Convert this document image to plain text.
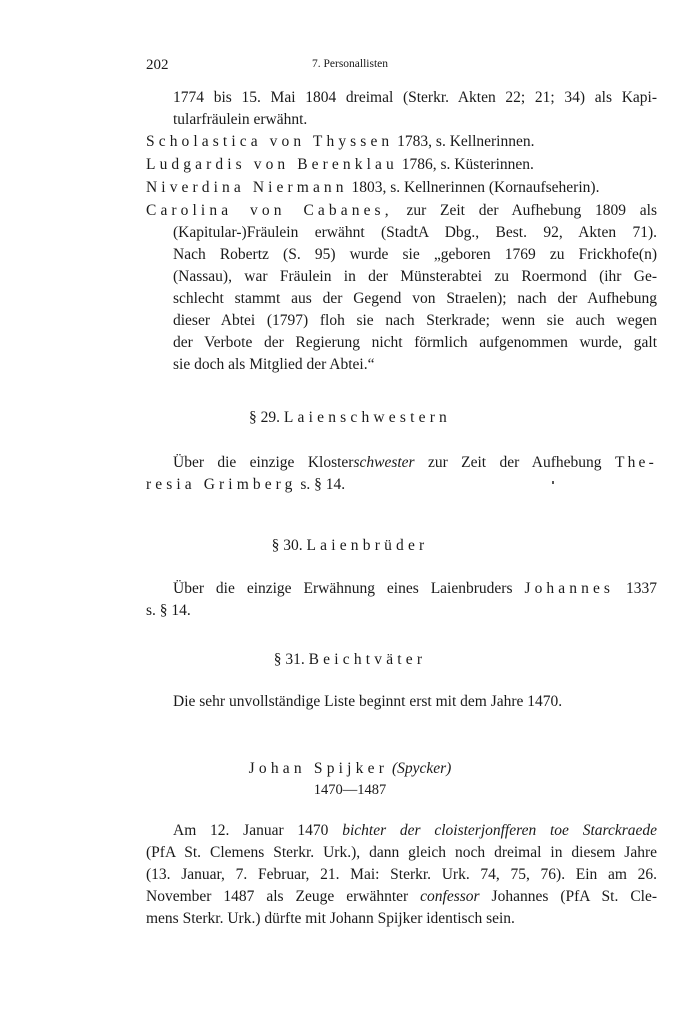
202	7. Personallisten
1774 bis 15. Mai 1804 dreimal (Sterkr. Akten 22; 21; 34) als Kapi-
tularfräulein erwähnt.
Scholastica von Thyssen 1783, s. Kellnerinnen.
Ludgardis von Berenklau 1786, s. Küsterinnen.
Niverdina Niermann 1803, s. Kellnerinnen (Kornaufseherin).
Carolina von Cabanes, zur Zeit der Aufhebung 1809 als
(Kapitular-)Fräulein erwähnt (StadtA Dbg., Best. 92, Akten 71).
Nach Robertz (S. 95) wurde sie „geboren 1769 zu Frickhofe(n)
(Nassau), war Fräulein in der Münsterabtei zu Roermond (ihr Ge-
schlecht stammt aus der Gegend von Straelen); nach der Aufhebung
dieser Abtei (1797) floh sie nach Sterkrade; wenn sie auch wegen
der Verbote der Regierung nicht förmlich aufgenommen wurde, galt
sie doch als Mitglied der Abtei.“
§ 29. Laienschwestern
Über die einzige Klosterschwester zur Zeit der Aufhebung The-
resia Grimberg s. § 14.
§ 30. Laienbrüder
Über die einzige Erwähnung eines Laienbruders Johannes 1337
s. § 14.
§ 31. Beichtväter
Die sehr unvollständige Liste beginnt erst mit dem Jahre 1470.
Johan Spijker (Spycker)
1470—1487
Am 12. Januar 1470 bichter der cloisterjonfferen toe Starckraede
(PfA St. Clemens Sterkr. Urk.), dann gleich noch dreimal in diesem Jahre
(13. Januar, 7. Februar, 21. Mai: Sterkr. Urk. 74, 75, 76). Ein am 26.
November 1487 als Zeuge erwähnter confessor Johannes (PfA St. Cle-
mens Sterkr. Urk.) dürfte mit Johann Spijker identisch sein.
